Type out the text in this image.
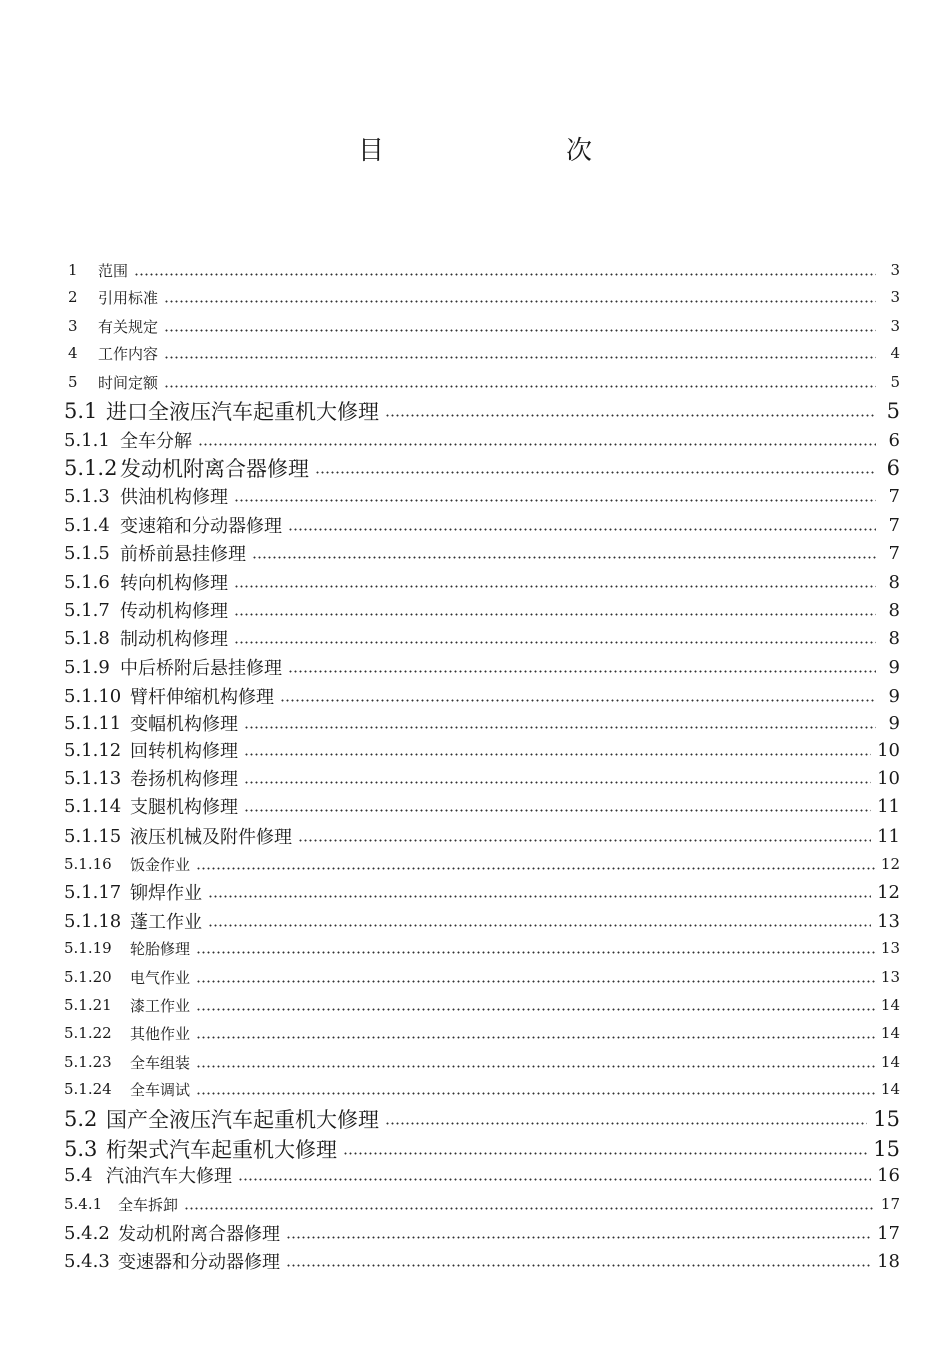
目　次
1	范围	3
2	引用标准	3
3	有关规定	3
4	工作内容	4
5	时间定额	5
5.1 进口全液压汽车起重机大修理	5
5.1.1 全车分解	6
5.1.2 发动机附离合器修理	6
5.1.3 供油机构修理	7
5.1.4 变速箱和分动器修理	7
5.1.5 前桥前悬挂修理	7
5.1.6 转向机构修理	8
5.1.7 传动机构修理	8
5.1.8 制动机构修理	8
5.1.9 中后桥附后悬挂修理	9
5.1.10 臂杆伸缩机构修理	9
5.1.11 变幅机构修理	9
5.1.12 回转机构修理	10
5.1.13 卷扬机构修理	10
5.1.14 支腿机构修理	11
5.1.15 液压机械及附件修理	11
5.1.16	饭金作业	12
5.1.17 铆焊作业	12
5.1.18 蓬工作业	13
5.1.19	轮胎修理	13
5.1.20	电气作业	13
5.1.21	漆工作业	14
5.1.22	其他作业	14
5.1.23	全车组装	14
5.1.24	全车调试	14
5.2 国产全液压汽车起重机大修理	15
5.3 桁架式汽车起重机大修理	15
5.4 汽油汽车大修理	16
5.4.1	全车拆卸	17
5.4.2 发动机附离合器修理	17
5.4.3 变速器和分动器修理	18
